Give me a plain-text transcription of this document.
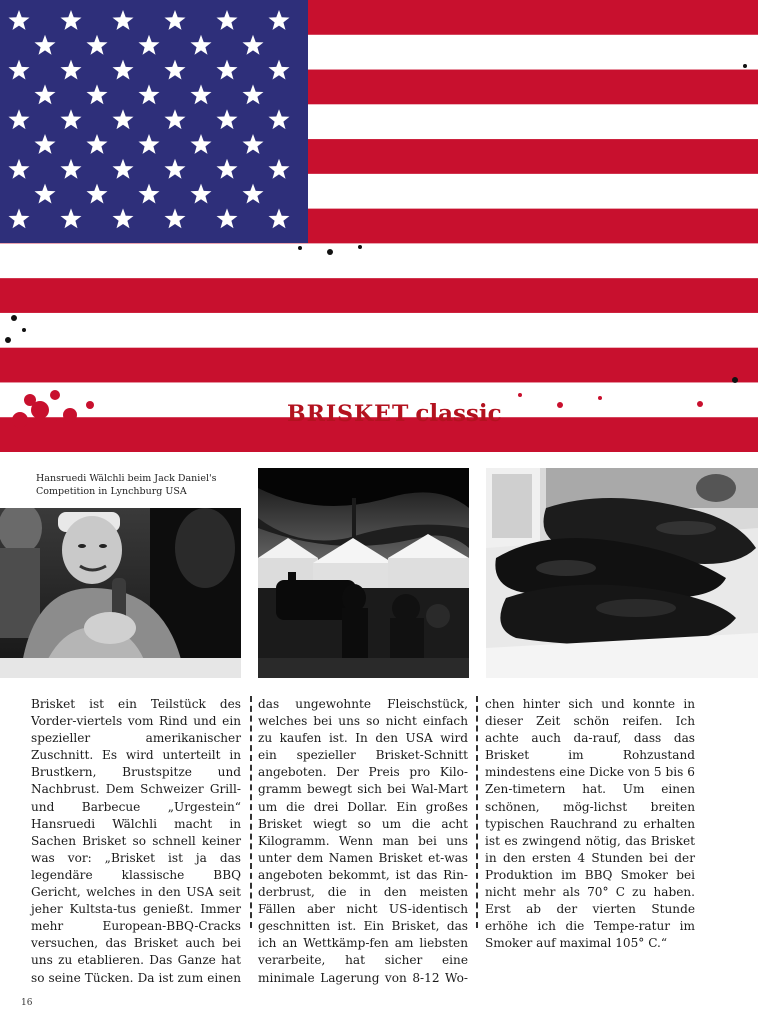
BRISKET classic
Hansruedi Wälchli beim Jack Daniel's Competition in Lynchburg USA

Brisket ist ein Teilstück des Vorder-viertels vom Rind und ein spezieller amerikanischer Zuschnitt. Es wird unterteilt in Brustkern, Brustspitze und Nachbrust. Dem Schweizer Grill- und Barbecue „Urgestein“ Hansruedi Wälchli macht in Sachen Brisket so schnell keiner was vor: „Brisket ist ja das legendäre klassische BBQ Gericht, welches in den USA seit jeher Kultsta-tus genießt. Immer mehr European-BBQ-Cracks versuchen, das Brisket auch bei uns zu etablieren. Das Ganze hat so seine Tücken. Da ist zum einen

das ungewohnte Fleischstück, welches bei uns so nicht einfach zu kaufen ist. In den USA wird ein spezieller Brisket-Schnitt angeboten. Der Preis pro Kilo-gramm bewegt sich bei Wal-Mart um die drei Dollar. Ein großes Brisket wiegt so um die acht Kilogramm. Wenn man bei uns unter dem Namen Brisket et-was angeboten bekommt, ist das Rin-derbrust, die in den meisten Fällen aber nicht US-identisch geschnitten ist. Ein Brisket, das ich an Wettkämp-fen am liebsten verarbeite, hat sicher eine minimale Lagerung von 8-12 Wo-

chen hinter sich und konnte in dieser Zeit schön reifen. Ich achte auch da-rauf, dass das Brisket im Rohzustand mindestens eine Dicke von 5 bis 6 Zen-timetern hat. Um einen schönen, mög-lichst breiten typischen Rauchrand zu erhalten ist es zwingend nötig, das Brisket in den ersten 4 Stunden bei der Produktion im BBQ Smoker bei nicht mehr als 70° C zu haben. Erst ab der vierten Stunde erhöhe ich die Tempe-ratur im Smoker auf maximal 105° C.“

16
